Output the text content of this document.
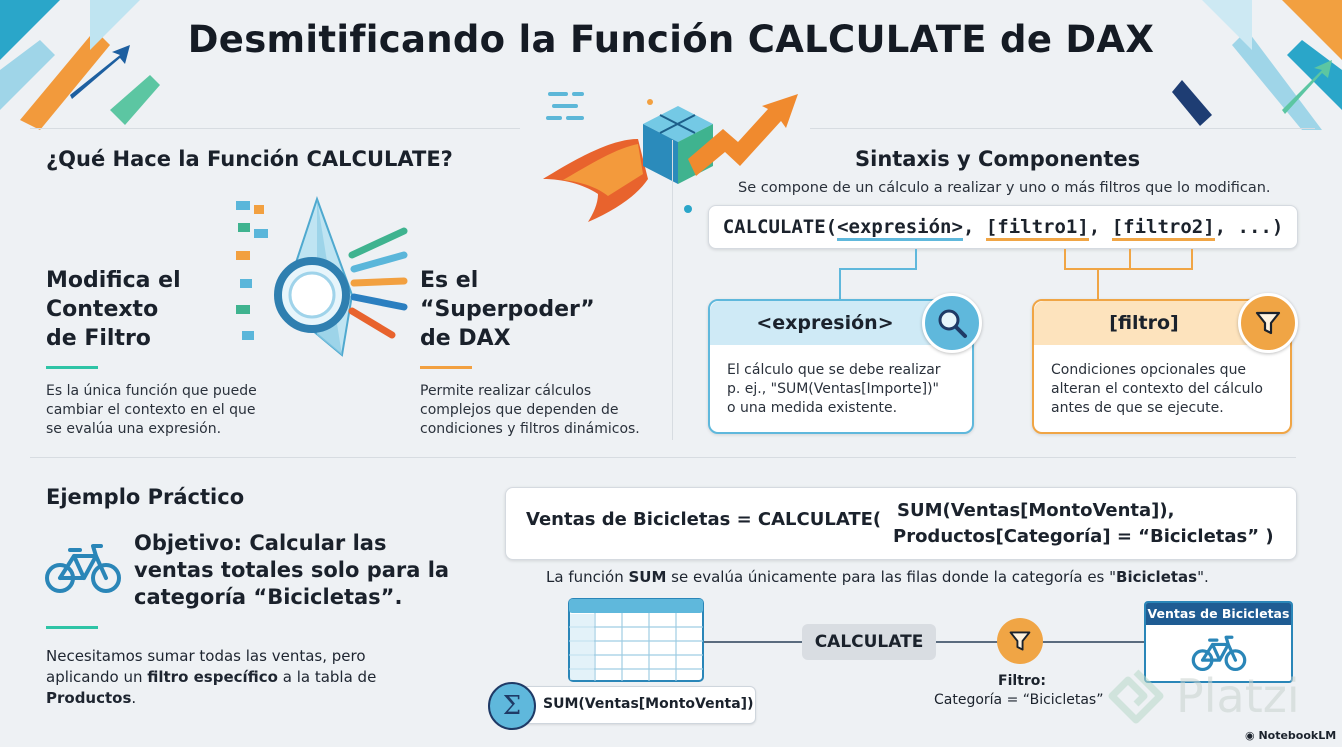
Desmitificando la Función CALCULATE de DAX
¿Qué Hace la Función CALCULATE?
Modifica el
Contexto
de Filtro
Es la única función que puede
cambiar el contexto en el que
se evalúa una expresión.
Es el
“Superpoder”
de DAX
Permite realizar cálculos
complejos que dependen de
condiciones y filtros dinámicos.
Sintaxis y Componentes
Se compone de un cálculo a realizar y uno o más filtros que lo modifican.
CALCULATE(<expresión>, [filtro1], [filtro2], ...)
<expresión>
El cálculo que se debe realizar
p. ej., "SUM(Ventas[Importe])"
o una medida existente.
[filtro]
Condiciones opcionales que
alteran el contexto del cálculo
antes de que se ejecute.
Ejemplo Práctico
Objetivo: Calcular las
ventas totales solo para la
categoría “Bicicletas”.
Necesitamos sumar todas las ventas, pero
aplicando un filtro específico a la tabla de
Productos.
Ventas de Bicicletas = CALCULATE( SUM(Ventas[MontoVenta]),
Productos[Categoría] = “Bicicletas” )
La función SUM se evalúa únicamente para las filas donde la categoría es "Bicicletas".
SUM(Ventas[MontoVenta])
Σ
CALCULATE
Filtro:
Categoría = “Bicicletas”
Ventas de Bicicletas
Platzi
◉ NotebookLM
